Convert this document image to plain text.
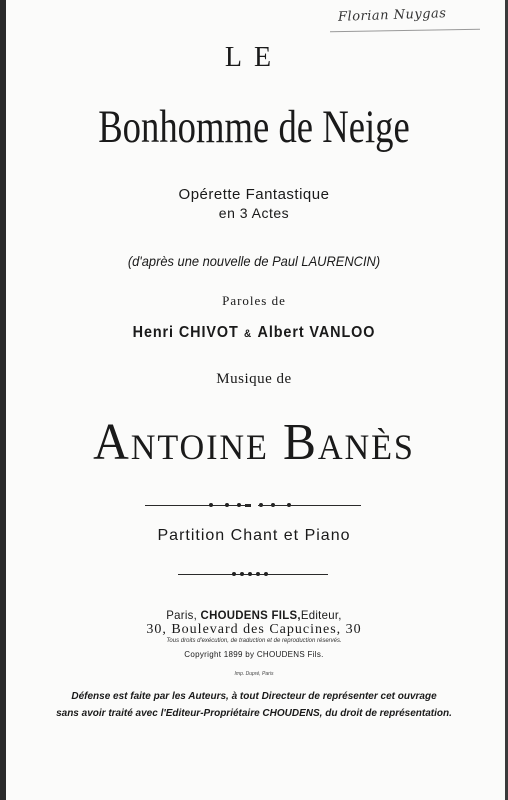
Florian Nuygas
LE
Bonhomme de Neige
Opérette Fantastique
en 3 Actes
(d'après une nouvelle de Paul LAURENCIN)
Paroles de
Henri CHIVOT & Albert VANLOO
Musique de
Antoine Banès
Partition Chant et Piano
Paris, CHOUDENS FILS,Editeur,
30, Boulevard des Capucines, 30
Tous droits d'exécution, de traduction et de reproduction réservés.
Copyright 1899 by CHOUDENS Fils.
Imp. Dupré, Paris
Défense est faite par les Auteurs, à tout Directeur de représenter cet ouvrage
sans avoir traité avec l'Editeur-Propriétaire CHOUDENS, du droit de représentation.
